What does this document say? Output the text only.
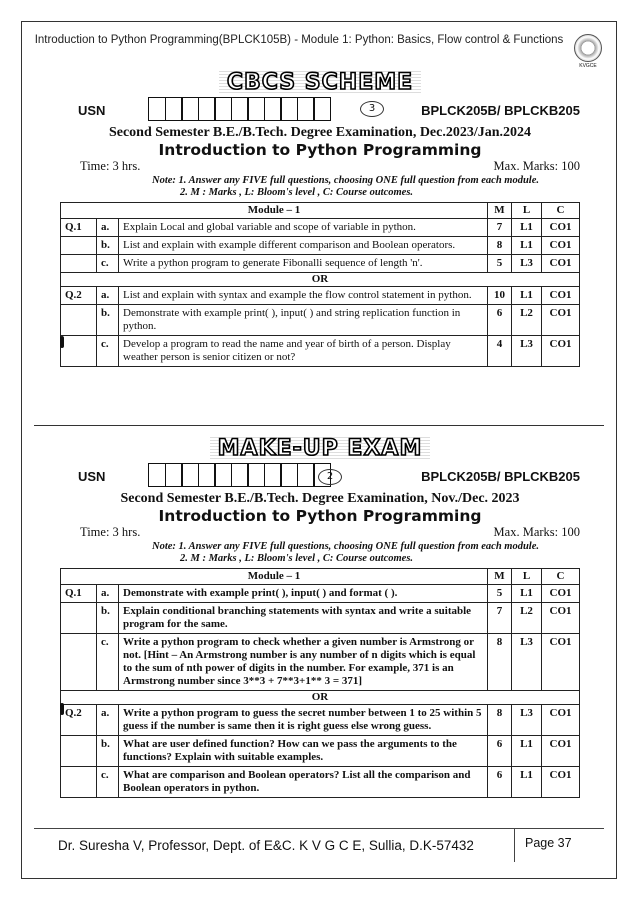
Introduction to Python Programming(BPLCK105B) - Module 1: Python: Basics, Flow control & Functions
KVGCE
CBCS SCHEME
USN	3	BPLCK205B/ BPLCKB205
Second Semester B.E./B.Tech. Degree Examination, Dec.2023/Jan.2024
Introduction to Python Programming
Time: 3 hrs.	Max. Marks: 100
Note: 1. Answer any FIVE full questions, choosing ONE full question from each module.
2. M : Marks , L: Bloom's level , C: Course outcomes.
Module – 1			M	L	C
Q.1	a.	Explain Local and global variable and scope of variable in python.	7	L1	CO1
	b.	List and explain with example different comparison and Boolean operators.	8	L1	CO1
	c.	Write a python program to generate Fibonalli sequence of length 'n'.	5	L3	CO1
OR					
Q.2	a.	List and explain with syntax and example the flow control statement in python.	10	L1	CO1
	b.	Demonstrate with example print( ), input( ) and string replication function in python.	6	L2	CO1
	c.	Develop a program to read the name and year of birth of a person. Display weather person is senior citizen or not?	4	L3	CO1
MAKE-UP EXAM
USN	2	BPLCK205B/ BPLCKB205
Second Semester B.E./B.Tech. Degree Examination, Nov./Dec. 2023
Introduction to Python Programming
Time: 3 hrs.	Max. Marks: 100
Note: 1. Answer any FIVE full questions, choosing ONE full question from each module.
2. M : Marks , L: Bloom's level , C: Course outcomes.
Module – 1			M	L	C
Q.1	a.	Demonstrate with example print( ), input( ) and format ( ).	5	L1	CO1
	b.	Explain conditional branching statements with syntax and write a suitable program for the same.	7	L2	CO1
	c.	Write a python program to check whether a given number is Armstrong or not. [Hint – An Armstrong number is any number of n digits which is equal to the sum of nth power of digits in the number. For example, 371 is an Armstrong number since 3**3 + 7**3+1** 3 = 371]	8	L3	CO1
OR					
Q.2	a.	Write a python program to guess the secret number between 1 to 25 within 5 guess if the number is same then it is right guess else wrong guess.	8	L3	CO1
	b.	What are user defined function? How can we pass the arguments to the functions? Explain with suitable examples.	6	L1	CO1
	c.	What are comparison and Boolean operators? List all the comparison and Boolean operators in python.	6	L1	CO1
Dr. Suresha V, Professor, Dept. of E&C. K V G C E, Sullia, D.K-57432	Page 37
